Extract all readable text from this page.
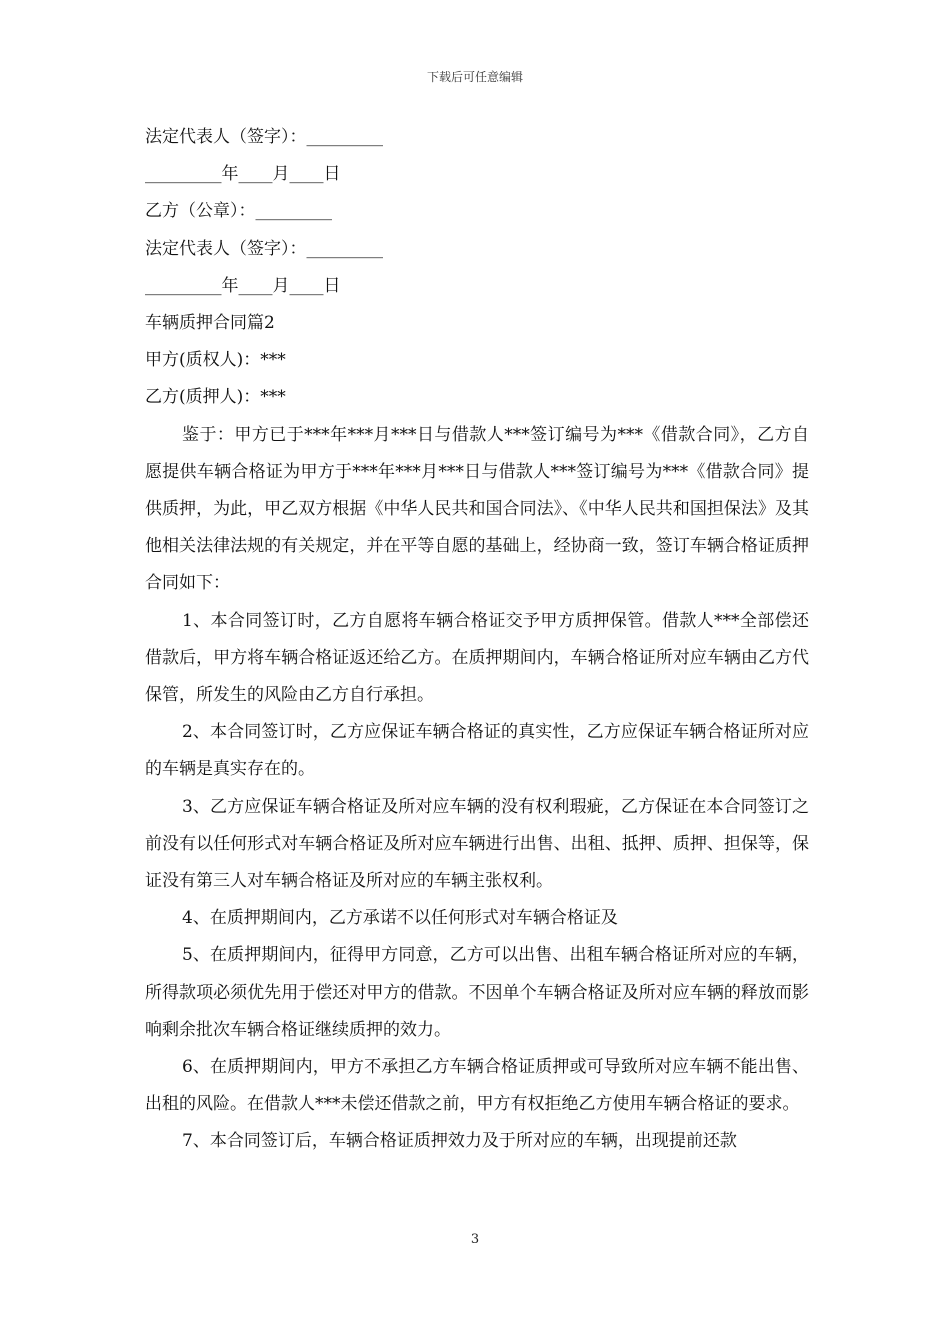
下载后可任意编辑

法定代表人（签字）：_________

_________年____月____日

乙方（公章）：_________

法定代表人（签字）：_________

_________年____月____日

车辆质押合同篇2

甲方(质权人)：***

乙方(质押人)：***

鉴于：甲方已于***年***月***日与借款人***签订编号为***《借款合同》，乙方自愿提供车辆合格证为甲方于***年***月***日与借款人***签订编号为***《借款合同》提供质押，为此，甲乙双方根据《中华人民共和国合同法》、《中华人民共和国担保法》及其他相关法律法规的有关规定，并在平等自愿的基础上，经协商一致，签订车辆合格证质押合同如下：

1、本合同签订时，乙方自愿将车辆合格证交予甲方质押保管。借款人***全部偿还借款后，甲方将车辆合格证返还给乙方。在质押期间内，车辆合格证所对应车辆由乙方代保管，所发生的风险由乙方自行承担。

2、本合同签订时，乙方应保证车辆合格证的真实性，乙方应保证车辆合格证所对应的车辆是真实存在的。

3、乙方应保证车辆合格证及所对应车辆的没有权利瑕疵，乙方保证在本合同签订之前没有以任何形式对车辆合格证及所对应车辆进行出售、出租、抵押、质押、担保等，保证没有第三人对车辆合格证及所对应的车辆主张权利。

4、在质押期间内，乙方承诺不以任何形式对车辆合格证及

5、在质押期间内，征得甲方同意，乙方可以出售、出租车辆合格证所对应的车辆，所得款项必须优先用于偿还对甲方的借款。不因单个车辆合格证及所对应车辆的释放而影响剩余批次车辆合格证继续质押的效力。

6、在质押期间内，甲方不承担乙方车辆合格证质押或可导致所对应车辆不能出售、出租的风险。在借款人***未偿还借款之前，甲方有权拒绝乙方使用车辆合格证的要求。

7、本合同签订后，车辆合格证质押效力及于所对应的车辆，出现提前还款

3
